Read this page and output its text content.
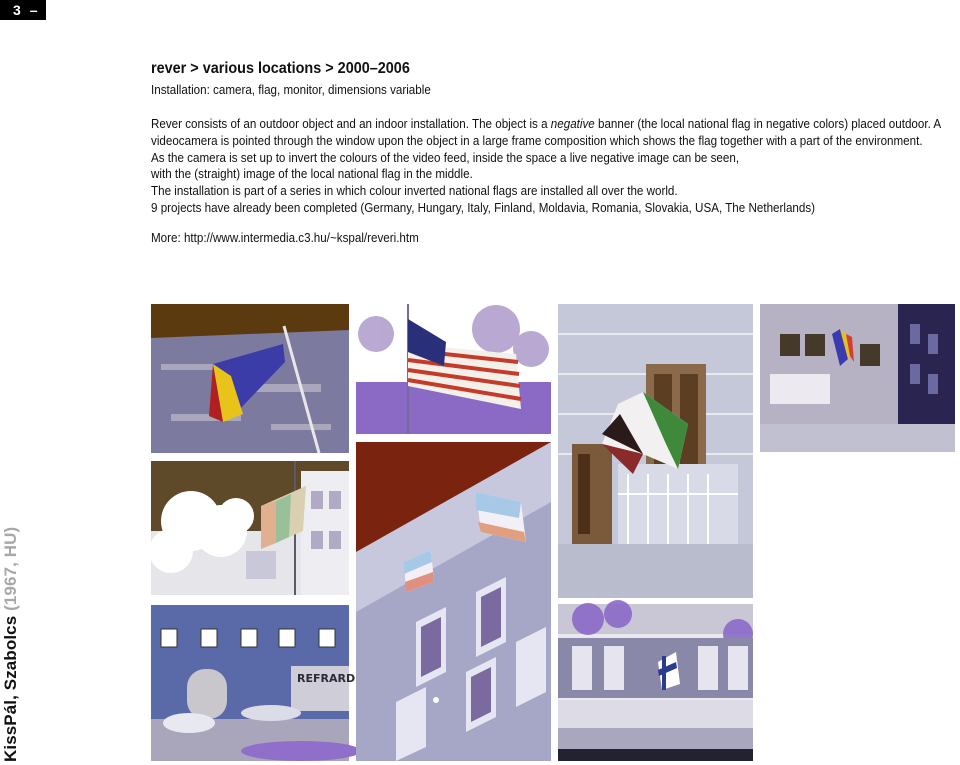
3 –
KissPál, Szabolcs (1967, HU)
rever > various locations > 2000–2006
Installation: camera, flag, monitor, dimensions variable
Rever consists of an outdoor object and an indoor installation. The object is a negative banner (the local national flag in negative colors) placed outdoor. A
videocamera is pointed through the window upon the object in a large frame composition which shows the flag together with a part of the environment.
As the camera is set up to invert the colours of the video feed, inside the space a live negative image can be seen,
with the (straight) image of the local national flag in the middle.
The installation is part of a series in which colour inverted national flags are installed all over the world.
9 projects have already been completed (Germany, Hungary, Italy, Finland, Moldavia, Romania, Slovakia, USA, The Netherlands)
More: http://www.intermedia.c3.hu/~kspal/reveri.htm
REFRARD
